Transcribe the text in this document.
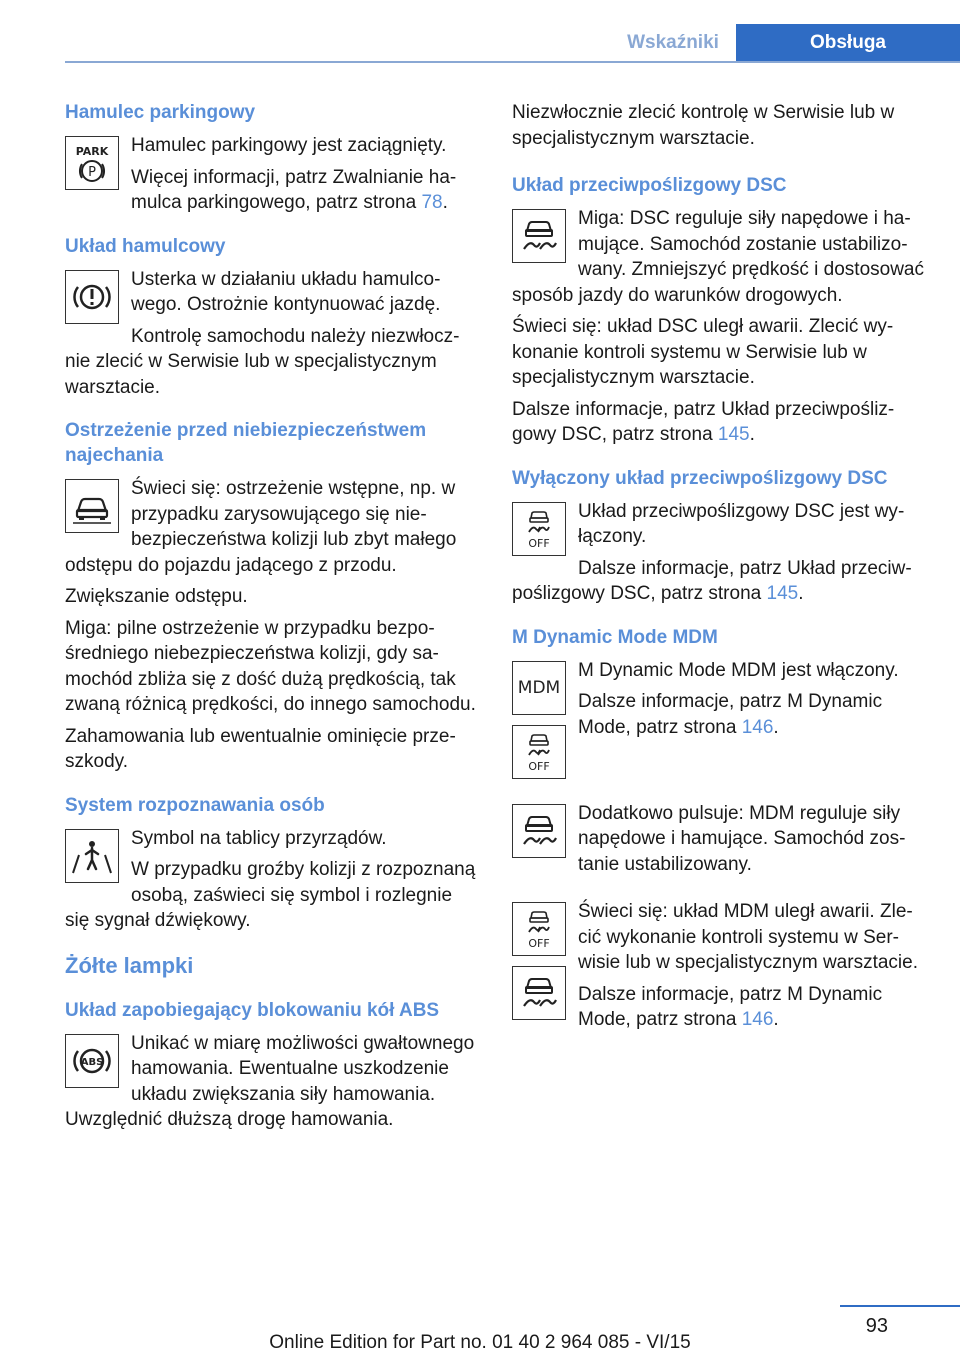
Wskaźniki	Obsługa
Hamulec parkingowy
PARK
P

Hamulec parkingowy jest zaciągnięty.

Więcej informacji, patrz Zwalnianie hamulca parkingowego, patrz strona 78.

Układ hamulcowy

Usterka w działaniu układu hamulcowego. Ostrożnie kontynuować jazdę.

Kontrolę samochodu należy niezwłocznie zlecić w Serwisie lub w specjalistycznym warsztacie.

Ostrzeżenie przed niebiezpieczeństwem najechania

Świeci się: ostrzeżenie wstępne, np. w przypadku zarysowującego się niebezpieczeństwa kolizji lub zbyt małego odstępu do pojazdu jadącego z przodu.

Zwiększanie odstępu.

Miga: pilne ostrzeżenie w przypadku bezpośredniego niebezpieczeństwa kolizji, gdy samochód zbliża się z dość dużą prędkością, tak zwaną różnicą prędkości, do innego samochodu.

Zahamowania lub ewentualnie ominięcie przeszkody.

System rozpoznawania osób

Symbol na tablicy przyrządów.

W przypadku groźby kolizji z rozpoznaną osobą, zaświeci się symbol i rozlegnie się sygnał dźwiękowy.

Żółte lampki
Układ zapobiegający blokowaniu kół ABS
ABS

Unikać w miarę możliwości gwałtownego hamowania. Ewentualne uszkodzenie układu zwiększania siły hamowania. Uwzględnić dłuższą drogę hamowania.

Niezwłocznie zlecić kontrolę w Serwisie lub w specjalistycznym warsztacie.

Układ przeciwpoślizgowy DSC

Miga: DSC reguluje siły napędowe i hamujące. Samochód zostanie ustabilizowany. Zmniejszyć prędkość i dostosować sposób jazdy do warunków drogowych.

Świeci się: układ DSC uległ awarii. Zlecić wykonanie kontroli systemu w Serwisie lub w specjalistycznym warsztacie.

Dalsze informacje, patrz Układ przeciwpoślizgowy DSC, patrz strona 145.

Wyłączony układ przeciwpoślizgowy DSC
OFF

Układ przeciwpoślizgowy DSC jest wyłączony.

Dalsze informacje, patrz Układ przeciwpoślizgowy DSC, patrz strona 145.

M Dynamic Mode MDM
MDM
OFF

M Dynamic Mode MDM jest włączony.

Dalsze informacje, patrz M Dynamic Mode, patrz strona 146.

Dodatkowo pulsuje: MDM reguluje siły napędowe i hamujące. Samochód zostanie ustabilizowany.

OFF

Świeci się: układ MDM uległ awarii. Zlecić wykonanie kontroli systemu w Serwisie lub w specjalistycznym warsztacie.

Dalsze informacje, patrz M Dynamic Mode, patrz strona 146.

93
Online Edition for Part no. 01 40 2 964 085 - VI/15
